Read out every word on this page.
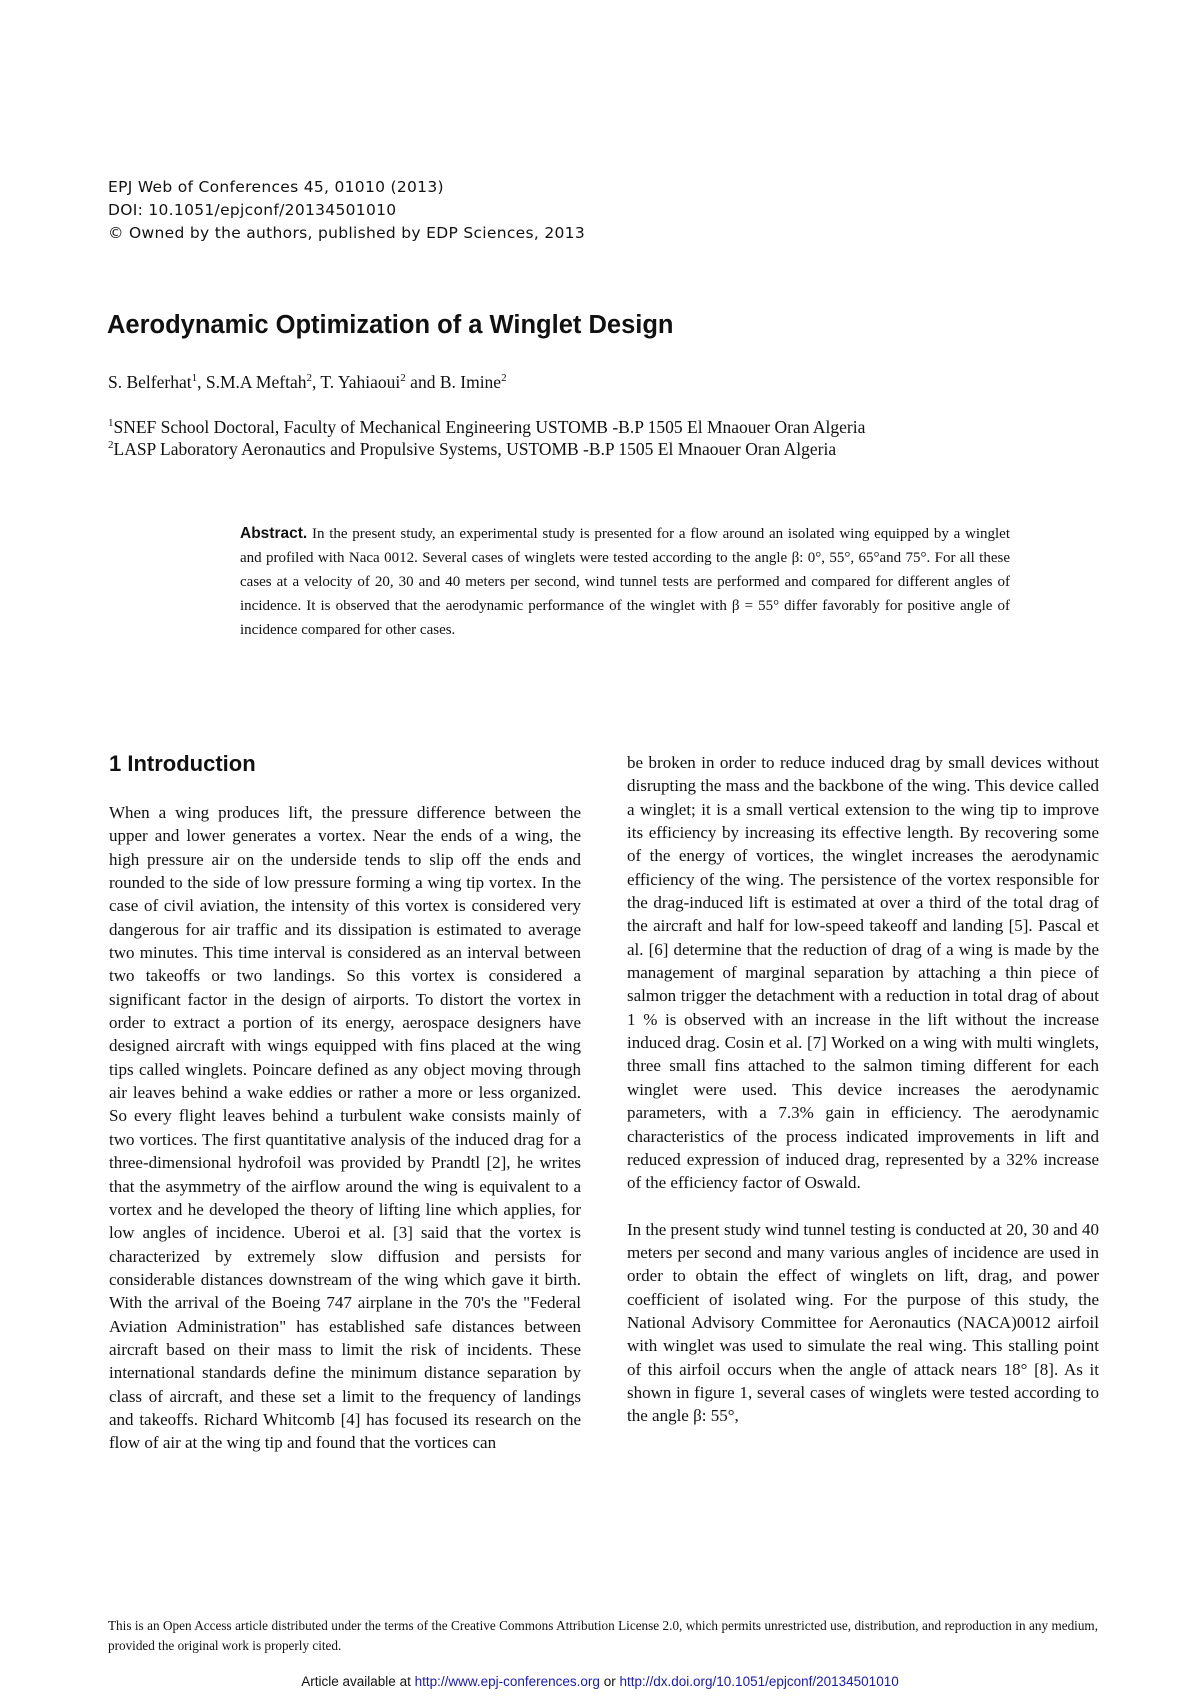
EPJ Web of Conferences 45, 01010 (2013)
DOI: 10.1051/epjconf/20134501010
© Owned by the authors, published by EDP Sciences, 2013
Aerodynamic Optimization of a Winglet Design
S. Belferhat$^1$, S.M.A Meftah$^2$, T. Yahiaoui$^2$ and B. Imine$^2$
$^1$SNEF School Doctoral, Faculty of Mechanical Engineering USTOMB -B.P 1505 El Mnaouer Oran Algeria
$^2$LASP Laboratory Aeronautics and Propulsive Systems, USTOMB -B.P 1505 El Mnaouer Oran Algeria
Abstract. In the present study, an experimental study is presented for a flow around an isolated wing equipped by a winglet and profiled with Naca 0012. Several cases of winglets were tested according to the angle β: 0°, 55°, 65°and 75°. For all these cases at a velocity of 20, 30 and 40 meters per second, wind tunnel tests are performed and compared for different angles of incidence. It is observed that the aerodynamic performance of the winglet with β = 55° differ favorably for positive angle of incidence compared for other cases.
1 Introduction

When a wing produces lift, the pressure difference between the upper and lower generates a vortex. Near the ends of a wing, the high pressure air on the underside tends to slip off the ends and rounded to the side of low pressure forming a wing tip vortex. In the case of civil aviation, the intensity of this vortex is considered very dangerous for air traffic and its dissipation is estimated to average two minutes. This time interval is considered as an interval between two takeoffs or two landings. So this vortex is considered a significant factor in the design of airports. To distort the vortex in order to extract a portion of its energy, aerospace designers have designed aircraft with wings equipped with fins placed at the wing tips called winglets. Poincare defined as any object moving through air leaves behind a wake eddies or rather a more or less organized. So every flight leaves behind a turbulent wake consists mainly of two vortices. The first quantitative analysis of the induced drag for a three-dimensional hydrofoil was provided by Prandtl [2], he writes that the asymmetry of the airflow around the wing is equivalent to a vortex and he developed the theory of lifting line which applies, for low angles of incidence. Uberoi et al. [3] said that the vortex is characterized by extremely slow diffusion and persists for considerable distances downstream of the wing which gave it birth. With the arrival of the Boeing 747 airplane in the 70's the "Federal Aviation Administration" has established safe distances between aircraft based on their mass to limit the risk of incidents. These international standards define the minimum distance separation by class of aircraft, and these set a limit to the frequency of landings and takeoffs. Richard Whitcomb [4] has focused its research on the flow of air at the wing tip and found that the vortices can

be broken in order to reduce induced drag by small devices without disrupting the mass and the backbone of the wing. This device called a winglet; it is a small vertical extension to the wing tip to improve its efficiency by increasing its effective length. By recovering some of the energy of vortices, the winglet increases the aerodynamic efficiency of the wing. The persistence of the vortex responsible for the drag-induced lift is estimated at over a third of the total drag of the aircraft and half for low-speed takeoff and landing [5]. Pascal et al. [6] determine that the reduction of drag of a wing is made by the management of marginal separation by attaching a thin piece of salmon trigger the detachment with a reduction in total drag of about 1 % is observed with an increase in the lift without the increase induced drag. Cosin et al. [7] Worked on a wing with multi winglets, three small fins attached to the salmon timing different for each winglet were used. This device increases the aerodynamic parameters, with a 7.3% gain in efficiency. The aerodynamic characteristics of the process indicated improvements in lift and reduced expression of induced drag, represented by a 32% increase of the efficiency factor of Oswald.

In the present study wind tunnel testing is conducted at 20, 30 and 40 meters per second and many various angles of incidence are used in order to obtain the effect of winglets on lift, drag, and power coefficient of isolated wing. For the purpose of this study, the National Advisory Committee for Aeronautics (NACA)0012 airfoil with winglet was used to simulate the real wing. This stalling point of this airfoil occurs when the angle of attack nears 18° [8]. As it shown in figure 1, several cases of winglets were tested according to the angle β: 55°,

This is an Open Access article distributed under the terms of the Creative Commons Attribution License 2.0, which permits unrestricted use, distribution, and reproduction in any medium, provided the original work is properly cited.
Article available at http://www.epj-conferences.org or http://dx.doi.org/10.1051/epjconf/20134501010
